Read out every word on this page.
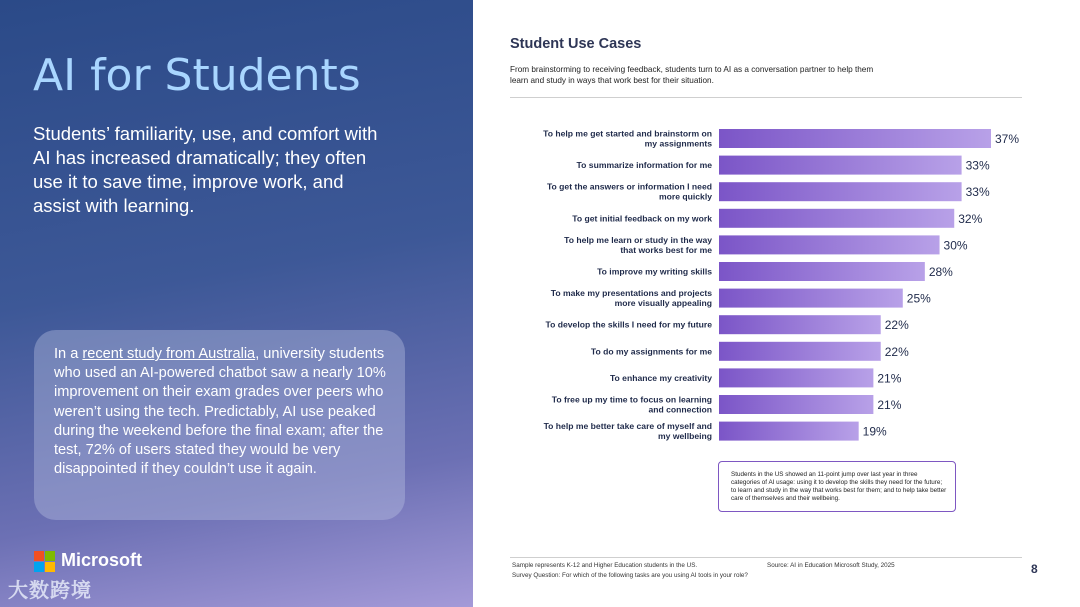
AI for Students
Students’ familiarity, use, and comfort with AI has increased dramatically; they often use it to save time, improve work, and assist with learning.
In a recent study from Australia, university students who used an AI-powered chatbot saw a nearly 10% improvement on their exam grades over peers who weren’t using the tech. Predictably, AI use peaked during the weekend before the final exam; after the test, 72% of users stated they would be very disappointed if they couldn’t use it again.
Microsoft
大数跨境
Student Use Cases
From brainstorming to receiving feedback, students turn to AI as a conversation partner to help them learn and study in ways that work best for their situation.
37%
To help me get started and brainstorm on my assignments
33%
To summarize information for me
33%
To get the answers or information I need more quickly
32%
To get initial feedback on my work
30%
To help me learn or study in the way that works best for me
28%
To improve my writing skills
25%
To make my presentations and projects more visually appealing
22%
To develop the skills I need for my future
22%
To do my assignments for me
21%
To enhance my creativity
21%
To free up my time to focus on learning and connection
19%
To help me better take care of myself and my wellbeing
Students in the US showed an 11-point jump over last year in three categories of AI usage: using it to develop the skills they need for the future; to learn and study in the way that works best for them; and to help take better care of themselves and their wellbeing.
Sample represents K-12 and Higher Education students in the US.
Survey Question: For which of the following tasks are you using AI tools in your role?
Source: AI in Education Microsoft Study, 2025	8
